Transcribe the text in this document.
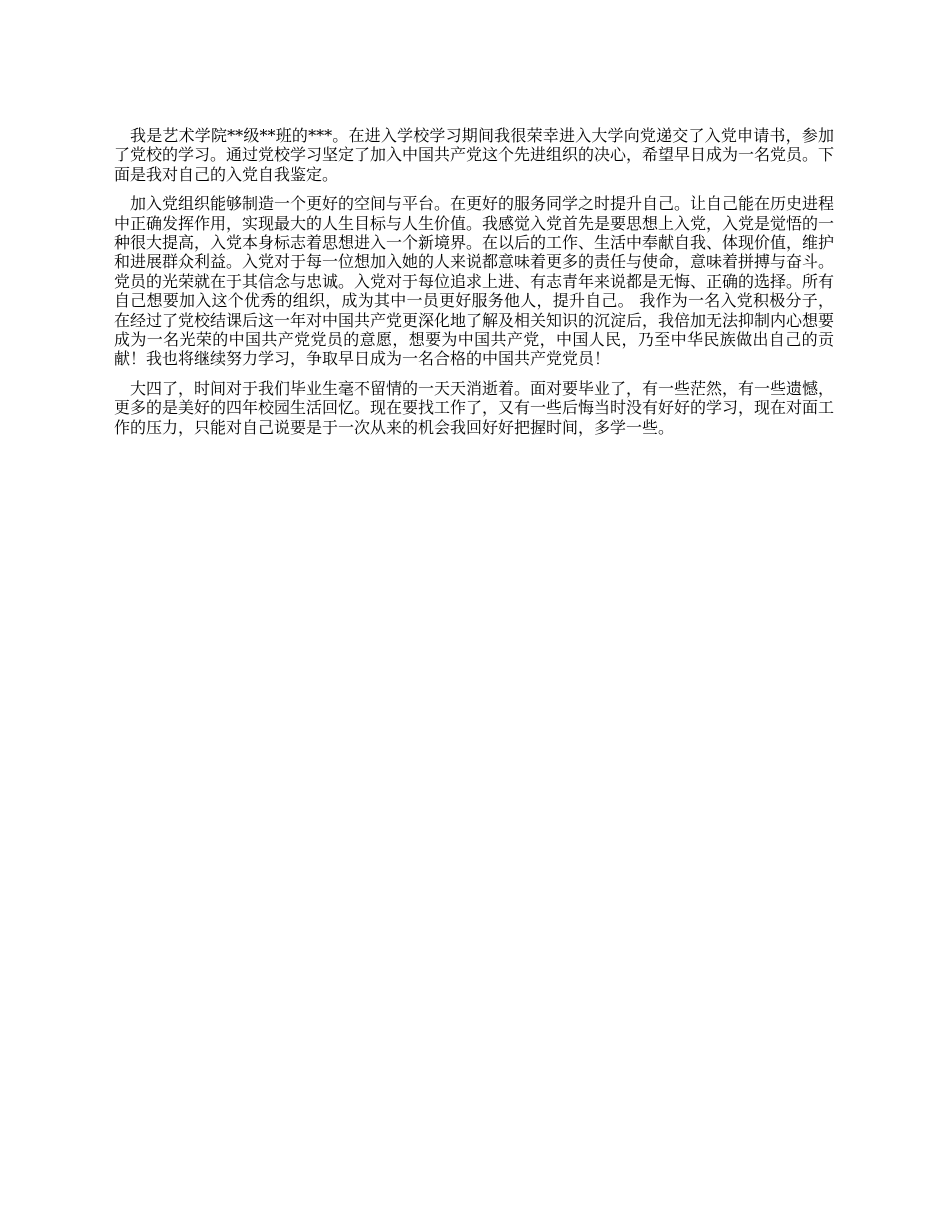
我是艺术学院**级**班的***。在进入学校学习期间我很荣幸进入大学向党递交了入党申请书，参加了党校的学习。通过党校学习坚定了加入中国共产党这个先进组织的决心，希望早日成为一名党员。下面是我对自己的入党自我鉴定。

加入党组织能够制造一个更好的空间与平台。在更好的服务同学之时提升自己。让自己能在历史进程中正确发挥作用，实现最大的人生目标与人生价值。我感觉入党首先是要思想上入党，入党是觉悟的一种很大提高，入党本身标志着思想进入一个新境界。在以后的工作、生活中奉献自我、体现价值，维护和进展群众利益。入党对于每一位想加入她的人来说都意味着更多的责任与使命，意味着拼搏与奋斗。党员的光荣就在于其信念与忠诚。入党对于每位追求上进、有志青年来说都是无悔、正确的选择。所有自己想要加入这个优秀的组织，成为其中一员更好服务他人，提升自己。 我作为一名入党积极分子，在经过了党校结课后这一年对中国共产党更深化地了解及相关知识的沉淀后，我倍加无法抑制内心想要成为一名光荣的中国共产党党员的意愿，想要为中国共产党，中国人民，乃至中华民族做出自己的贡献！我也将继续努力学习，争取早日成为一名合格的中国共产党党员！

大四了，时间对于我们毕业生毫不留情的一天天消逝着。面对要毕业了，有一些茫然，有一些遗憾，更多的是美好的四年校园生活回忆。现在要找工作了，又有一些后悔当时没有好好的学习，现在对面工作的压力，只能对自己说要是于一次从来的机会我回好好把握时间，多学一些。
